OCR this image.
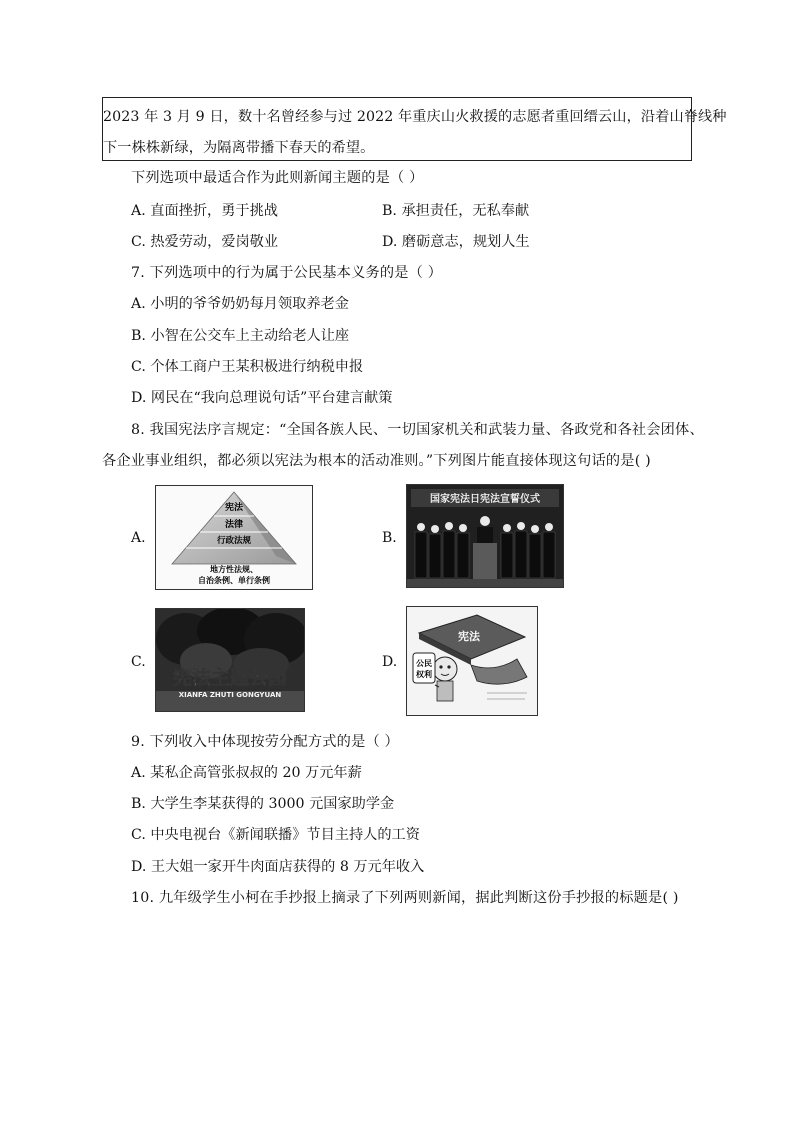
2023 年 3 月 9 日，数十名曾经参与过 2022 年重庆山火救援的志愿者重回缙云山，沿着山脊线种

下一株株新绿，为隔离带播下春天的希望。

下列选项中最适合作为此则新闻主题的是（ ）
A. 直面挫折，勇于挑战	B. 承担责任，无私奉献
C. 热爱劳动，爱岗敬业	D. 磨砺意志，规划人生
7. 下列选项中的行为属于公民基本义务的是（ ）
A. 小明的爷爷奶奶每月领取养老金
B. 小智在公交车上主动给老人让座
C. 个体工商户王某积极进行纳税申报
D. 网民在“我向总理说句话”平台建言献策
8. 我国宪法序言规定：“全国各族人民、一切国家机关和武装力量、各政党和各社会团体、
各企业事业组织，都必须以宪法为根本的活动准则。”下列图片能直接体现这句话的是( )
A.
宪法
法律
行政法规
地方性法规、
自治条例、单行条例
B.
国家宪法日宪法宣誓仪式
C.
宪法主题公园
XIANFA ZHUTI GONGYUAN
D.
宪法
公民
权利
9. 下列收入中体现按劳分配方式的是（ ）
A. 某私企高管张叔叔的 20 万元年薪
B. 大学生李某获得的 3000 元国家助学金
C. 中央电视台《新闻联播》节目主持人的工资
D. 王大姐一家开牛肉面店获得的 8 万元年收入
10. 九年级学生小柯在手抄报上摘录了下列两则新闻，据此判断这份手抄报的标题是( )
